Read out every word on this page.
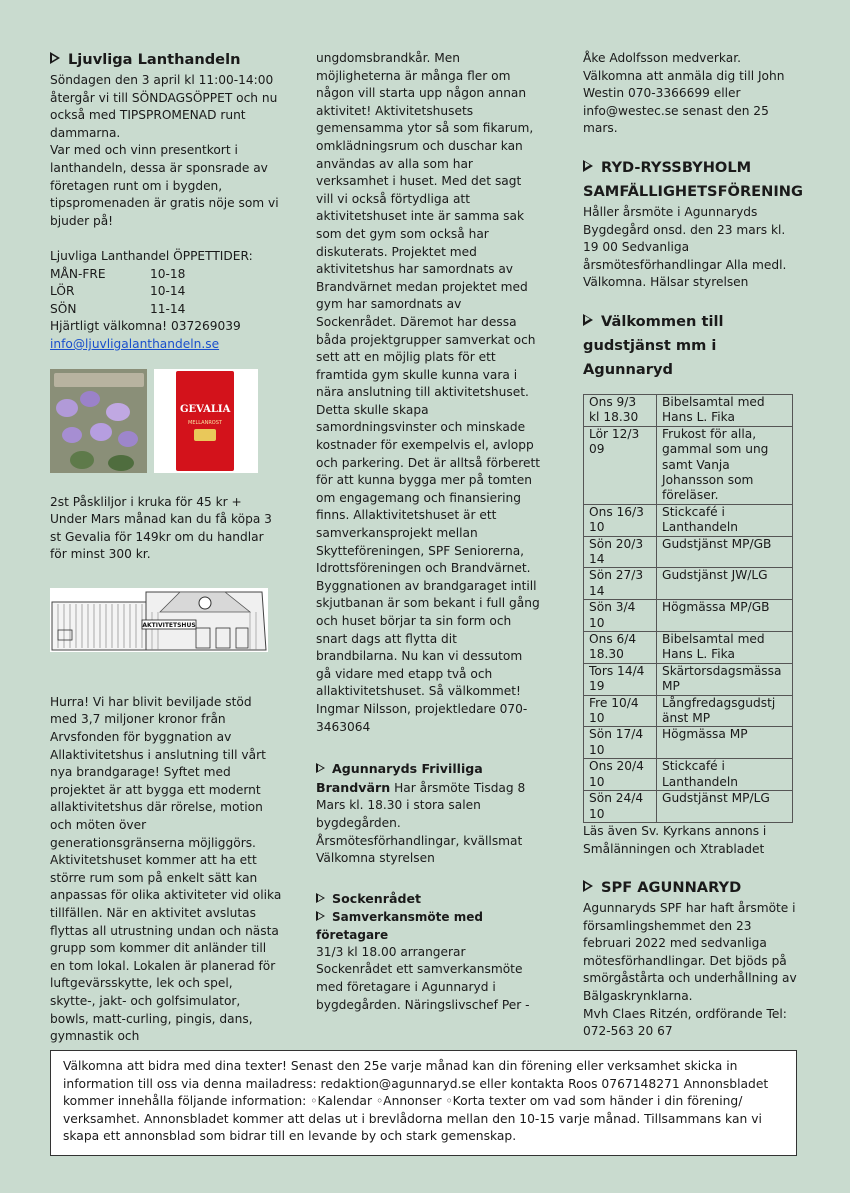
Ljuvliga Lanthandeln

Söndagen den 3 april kl 11:00-14:00 återgår vi till SÖNDAGSÖPPET och nu också med TIPSPROMENAD runt dammarna.

Var med och vinn presentkort i lanthandeln, dessa är sponsrade av företagen runt om i bygden, tipspromenaden är gratis nöje som vi bjuder på!

Ljuvliga Lanthandel ÖPPETTIDER:

MÅN-FRE	10-18
LÖR	10-14
SÖN	11-14

Hjärtligt välkomna! 037269039

info@ljuvligalanthandeln.se

GEVALIA
MELLANROST

2st Påskliljor i kruka för 45 kr + Under Mars månad kan du få köpa 3 st Gevalia för 149kr om du handlar för minst 300 kr.

AKTIVITETSHUS

Hurra! Vi har blivit beviljade stöd med 3,7 miljoner kronor från Arvsfonden för byggnation av Allaktivitetshus i anslutning till vårt nya brandgarage! Syftet med projektet är att bygga ett modernt allaktivitetshus där rörelse, motion och möten över generationsgränserna möjliggörs. Aktivitetshuset kommer att ha ett större rum som på enkelt sätt kan anpassas för olika aktiviteter vid olika tillfällen. När en aktivitet avslutas flyttas all utrustning undan och nästa grupp som kommer dit anländer till en tom lokal. Lokalen är planerad för luftgevärsskytte, lek och spel, skytte-, jakt- och golfsimulator, bowls, matt-curling, pingis, dans, gymnastik och

ungdomsbrandkår. Men möjligheterna är många fler om någon vill starta upp någon annan aktivitet! Aktivitetshusets gemensamma ytor så som fikarum, omklädningsrum och duschar kan användas av alla som har verksamhet i huset. Med det sagt vill vi också förtydliga att aktivitetshuset inte är samma sak som det gym som också har diskuterats. Projektet med aktivitetshus har samordnats av Brandvärnet medan projektet med gym har samordnats av Sockenrådet. Däremot har dessa båda projektgrupper samverkat och sett att en möjlig plats för ett framtida gym skulle kunna vara i nära anslutning till aktivitetshuset. Detta skulle skapa samordningsvinster och minskade kostnader för exempelvis el, avlopp och parkering. Det är alltså förberett för att kunna bygga mer på tomten om engagemang och finansiering finns. Allaktivitetshuset är ett samverkansprojekt mellan Skytteföreningen, SPF Seniorerna, Idrottsföreningen och Brandvärnet. Byggnationen av brandgaraget intill skjutbanan är som bekant i full gång och huset börjar ta sin form och snart dags att flytta dit brandbilarna. Nu kan vi dessutom gå vidare med etapp två och allaktivitetshuset. Så välkommet!

Ingmar Nilsson, projektledare 070-3463064

Agunnaryds Frivilliga Brandvärn Har årsmöte Tisdag 8 Mars kl. 18.30 i stora salen bygdegården. Årsmötesförhandlingar, kvällsmat Välkomna styrelsen

Sockenrådet

Samverkansmöte med företagare

31/3 kl 18.00 arrangerar Sockenrådet ett samverkansmöte med företagare i Agunnaryd i bygdegården. Näringslivschef Per -

Åke Adolfsson medverkar. Välkomna att anmäla dig till John Westin 070-3366699 eller info@westec.se senast den 25 mars.

RYD-RYSSBYHOLM SAMFÄLLIGHETSFÖRENING

Håller årsmöte i Agunnaryds Bygdegård onsd. den 23 mars kl. 19 00 Sedvanliga årsmötesförhandlingar Alla medl. Välkomna. Hälsar styrelsen

Välkommen till gudstjänst mm i Agunnaryd

Ons 9/3
kl 18.30	Bibelsamtal med Hans L. Fika

Lör 12/3
09	Frukost för alla, gammal som ung samt Vanja Johansson som föreläser.

Ons 16/3
10	Stickcafé i Lanthandeln

Sön 20/3
14	Gudstjänst MP/GB

Sön 27/3
14	Gudstjänst JW/LG

Sön 3/4
10	Högmässa MP/GB

Ons 6/4
18.30	Bibelsamtal med Hans L. Fika

Tors 14/4
19	Skärtorsdagsmässa MP

Fre 10/4
10	Långfredagsgudstj änst MP

Sön 17/4
10	Högmässa MP

Ons 20/4
10	Stickcafé i Lanthandeln

Sön 24/4
10	Gudstjänst MP/LG

Läs även Sv. Kyrkans annons i Smålänningen och Xtrabladet

SPF AGUNNARYD

Agunnaryds SPF har haft årsmöte i församlingshemmet den 23 februari 2022 med sedvanliga mötesförhandlingar. Det bjöds på smörgåstårta och underhållning av Bälgaskrynklarna.

Mvh Claes Ritzén, ordförande Tel: 072-563 20 67

Välkomna att bidra med dina texter! Senast den 25e varje månad kan din förening eller verksamhet skicka in information till oss via denna mailadress: redaktion@agunnaryd.se eller kontakta Roos 0767148271 Annonsbladet kommer innehålla följande information: ◦Kalendar ◦Annonser ◦Korta texter om vad som händer i din förening/ verksamhet. Annonsbladet kommer att delas ut i brevlådorna mellan den 10-15 varje månad. Tillsammans kan vi skapa ett annonsblad som bidrar till en levande by och stark gemenskap.
